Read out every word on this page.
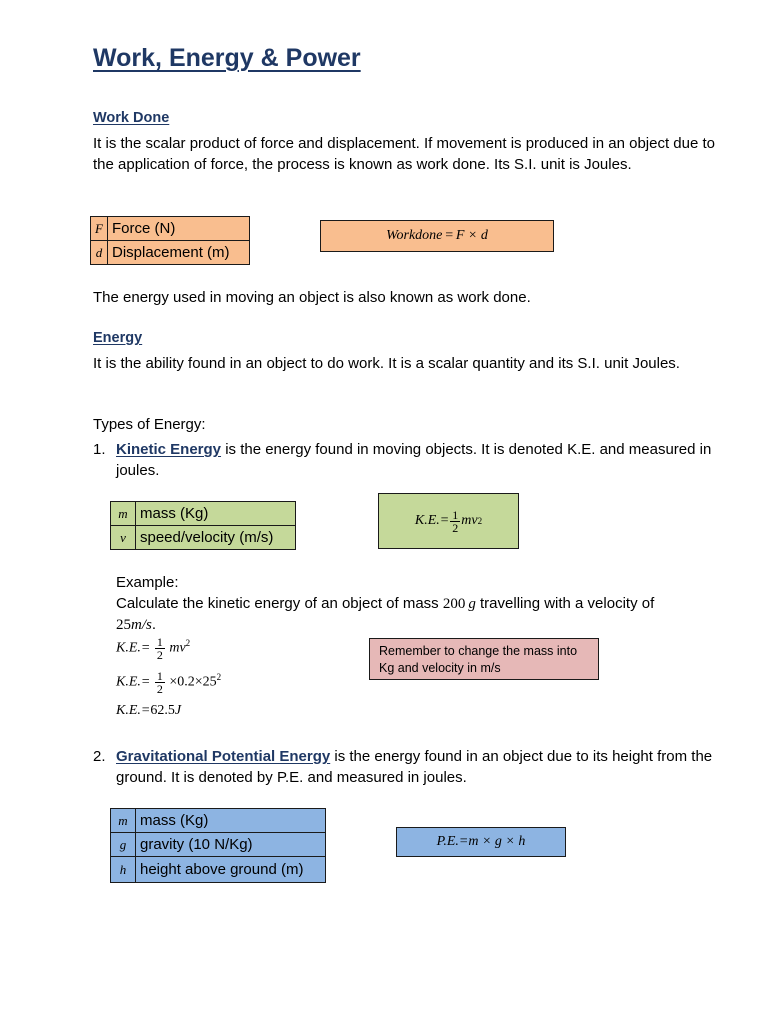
Work, Energy & Power
Work Done
It is the scalar product of force and displacement. If movement is produced in an object due to the application of force, the process is known as work done. Its S.I. unit is Joules.
F	Force (N)
d	Displacement (m)
Workdone = F × d
The energy used in moving an object is also known as work done.
Energy
It is the ability found in an object to do work. It is a scalar quantity and its S.I. unit Joules.
Types of Energy:
1. Kinetic Energy is the energy found in moving objects. It is denoted K.E. and measured in joules.
m	mass (Kg)
v	speed/velocity (m/s)
$K.E.= \frac{1}{2}$ mv 2
Example:
Calculate the kinetic energy of an object of mass 200 g travelling with a velocity of
25m/s.
$K.E.= \frac{1}{2} mv^2$
$K.E.= \frac{1}{2} \times 0.2\times 25^2$
K.E.=62.5J
Remember to change the mass into Kg and velocity in m/s
2. Gravitational Potential Energy is the energy found in an object due to its height from the ground. It is denoted by P.E. and measured in joules.
m	mass (Kg)
g	gravity (10 N/Kg)
h	height above ground (m)
P.E.= m × g × h
